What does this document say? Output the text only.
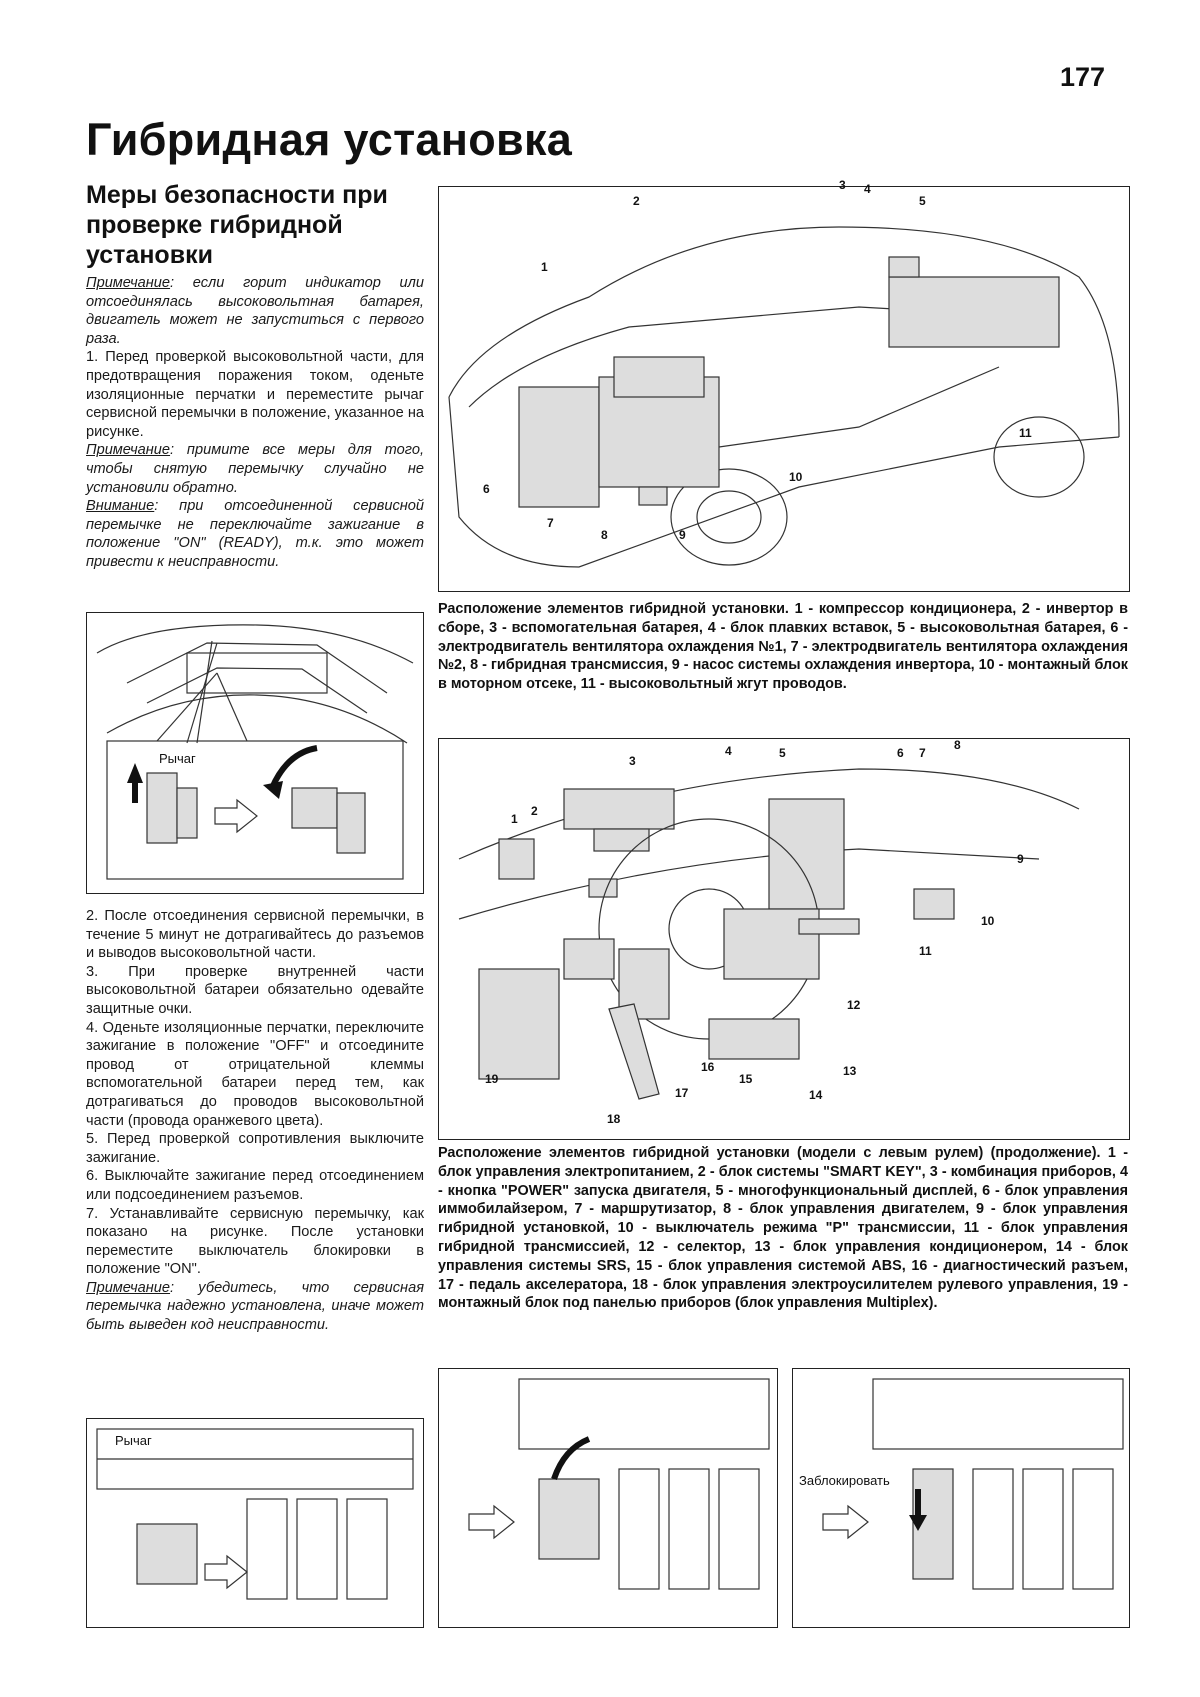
177
Гибридная установка
Меры безопасности при проверке гибридной установки
Примечание: если горит индикатор или отсоединялась высоковольтная батарея, двигатель может не запуститься с первого раза.
1. Перед проверкой высоковольтной части, для предотвращения поражения током, оденьте изоляционные перчатки и переместите рычаг сервисной перемычки в положение, указанное на рисунке.
Примечание: примите все меры для того, чтобы снятую перемычку случайно не установили обратно.
Внимание: при отсоединенной сервисной перемычке не переключайте зажигание в положение "ON" (READY), т.к. это может привести к неисправности.
Рычаг
2. После отсоединения сервисной перемычки, в течение 5 минут не дотрагивайтесь до разъемов и выводов высоковольтной части.
3. При проверке внутренней части высоковольтной батареи обязательно одевайте защитные очки.
4. Оденьте изоляционные перчатки, переключите зажигание в положение "OFF" и отсоедините провод от отрицательной клеммы вспомогательной батареи перед тем, как дотрагиваться до проводов высоковольтной части (провода оранжевого цвета).
5. Перед проверкой сопротивления выключите зажигание.
6. Выключайте зажигание перед отсоединением или подсоединением разъемов.
7. Устанавливайте сервисную перемычку, как показано на рисунке. После установки переместите выключатель блокировки в положение "ON".
Примечание: убедитесь, что сервисная перемычка надежно установлена, иначе может быть выведен код неисправности.
1
2
3 4
5
6
7
8	9
10
11
Расположение элементов гибридной установки. 1 - компрессор кондиционера, 2 - инвертор в сборе, 3 - вспомогательная батарея, 4 - блок плавких вставок, 5 - высоковольтная батарея, 6 - электродвигатель вентилятора охлаждения №1, 7 - электродвигатель вентилятора охлаждения №2, 8 - гибридная трансмиссия, 9 - насос системы охлаждения инвертора, 10 - монтажный блок в моторном отсеке, 11 - высоковольтный жгут проводов.
1
2
3
4	5	6 7
8
9
10
11
12
13
14
15
16
17
18
19
Расположение элементов гибридной установки (модели с левым рулем) (продолжение). 1 - блок управления электропитанием, 2 - блок системы "SMART KEY", 3 - комбинация приборов, 4 - кнопка "POWER" запуска двигателя, 5 - многофункциональный дисплей, 6 - блок управления иммобилайзером, 7 - маршрутизатор, 8 - блок управления двигателем, 9 - блок управления гибридной установкой, 10 - выключатель режима "P" трансмиссии, 11 - блок управления гибридной трансмиссией, 12 - селектор, 13 - блок управления кондиционером, 14 - блок управления системы SRS, 15 - блок управления системой ABS, 16 - диагностический разъем, 17 - педаль акселератора, 18 - блок управления электроусилителем рулевого управления, 19 - монтажный блок под панелью приборов (блок управления Multiplex).
Рычаг
Заблокировать
